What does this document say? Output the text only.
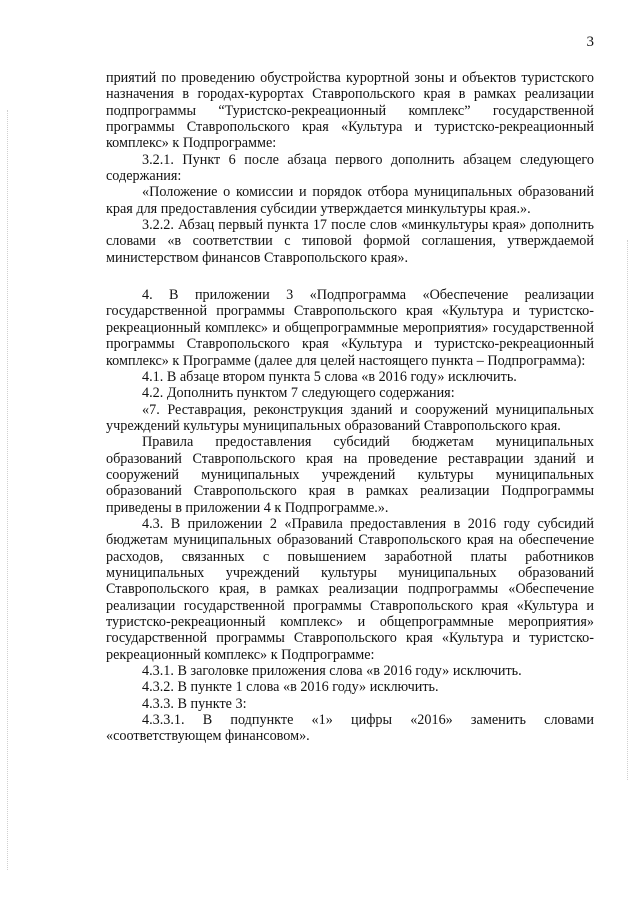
3

приятий по проведению обустройства курортной зоны и объектов туристского назначения в городах-курортах Ставропольского края в рамках реализации подпрограммы “Туристско-рекреационный комплекс” государственной программы Ставропольского края «Культура и туристско-рекреационный комплекс» к Подпрограмме:

3.2.1. Пункт 6 после абзаца первого дополнить абзацем следующего содержания:

«Положение о комиссии и порядок отбора муниципальных образований края для предоставления субсидии утверждается минкультуры края.».

3.2.2. Абзац первый пункта 17 после слов «минкультуры края» дополнить словами «в соответствии с типовой формой соглашения, утверждаемой министерством финансов Ставропольского края».

4. В приложении 3 «Подпрограмма «Обеспечение реализации государственной программы Ставропольского края «Культура и туристско-рекреационный комплекс» и общепрограммные мероприятия» государственной программы Ставропольского края «Культура и туристско-рекреационный комплекс» к Программе (далее для целей настоящего пункта – Подпрограмма):

4.1. В абзаце втором пункта 5 слова «в 2016 году» исключить.

4.2. Дополнить пунктом 7 следующего содержания:

«7. Реставрация, реконструкция зданий и сооружений муниципальных учреждений культуры муниципальных образований Ставропольского края.

Правила предоставления субсидий бюджетам муниципальных образований Ставропольского края на проведение реставрации зданий и сооружений муниципальных учреждений культуры муниципальных образований Ставропольского края в рамках реализации Подпрограммы приведены в приложении 4 к Подпрограмме.».

4.3. В приложении 2 «Правила предоставления в 2016 году субсидий бюджетам муниципальных образований Ставропольского края на обеспечение расходов, связанных с повышением заработной платы работников муниципальных учреждений культуры муниципальных образований Ставропольского края, в рамках реализации подпрограммы «Обеспечение реализации государственной программы Ставропольского края «Культура и туристско-рекреационный комплекс» и общепрограммные мероприятия» государственной программы Ставропольского края «Культура и туристско-рекреационный комплекс» к Подпрограмме:

4.3.1. В заголовке приложения слова «в 2016 году» исключить.

4.3.2. В пункте 1 слова «в 2016 году» исключить.

4.3.3. В пункте 3:

4.3.3.1. В подпункте «1» цифры «2016» заменить словами «соответствующем финансовом».
